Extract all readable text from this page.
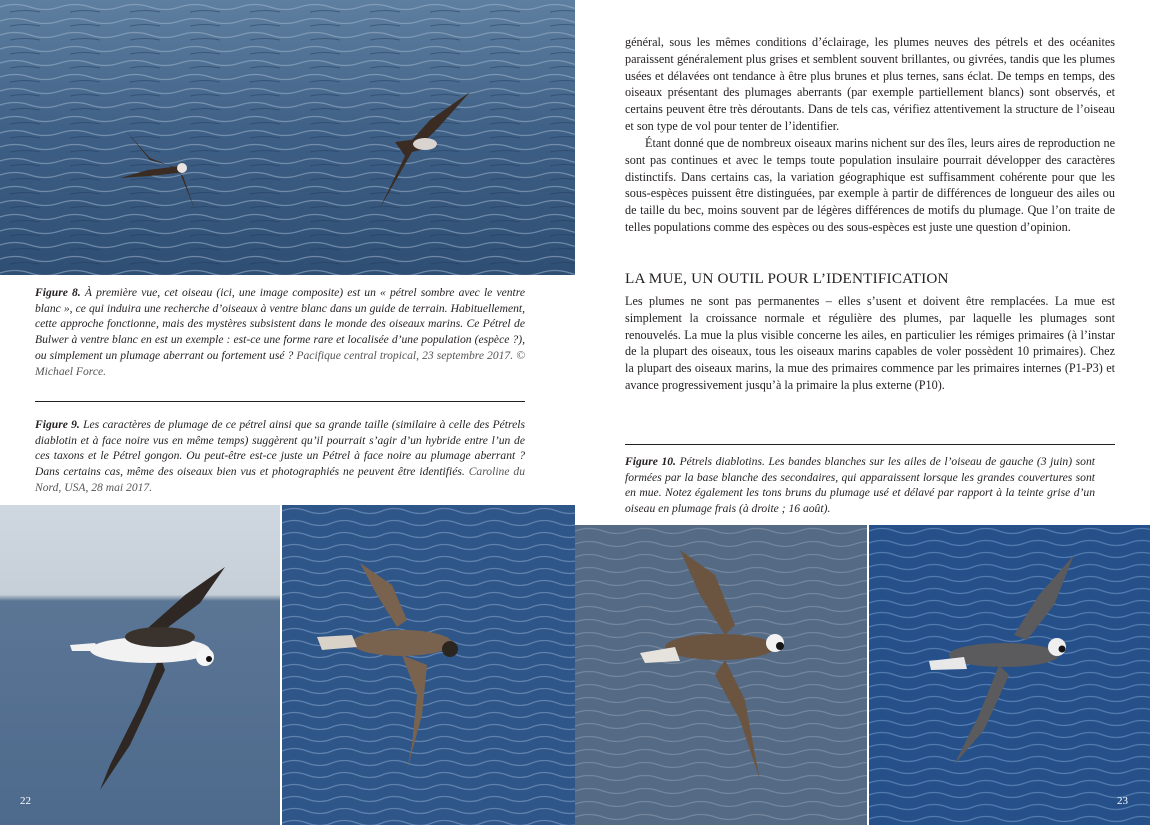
Figure 8. À première vue, cet oiseau (ici, une image composite) est un « pétrel sombre avec le ventre blanc », ce qui induira une recherche d’oiseaux à ventre blanc dans un guide de terrain. Habituellement, cette approche fonctionne, mais des mystères subsistent dans le monde des oiseaux marins. Ce Pétrel de Bulwer à ventre blanc en est un exemple : est-ce une forme rare et localisée d’une population (espèce ?), ou simplement un plumage aberrant ou fortement usé ? Pacifique central tropical, 23 septembre 2017. © Michael Force.

Figure 9. Les caractères de plumage de ce pétrel ainsi que sa grande taille (similaire à celle des Pétrels diablotin et à face noire vus en même temps) suggèrent qu’il pourrait s’agir d’un hybride entre l’un de ces taxons et le Pétrel gongon. Ou peut-être est-ce juste un Pétrel à face noire au plumage aberrant ? Dans certains cas, même des oiseaux bien vus et photographiés ne peuvent être identifiés. Caroline du Nord, USA, 28 mai 2017.

22

général, sous les mêmes conditions d’éclairage, les plumes neuves des pétrels et des océanites paraissent généralement plus grises et semblent souvent brillantes, ou givrées, tandis que les plumes usées et délavées ont tendance à être plus brunes et plus ternes, sans éclat. De temps en temps, des oiseaux présentant des plumages aberrants (par exemple partiellement blancs) sont observés, et certains peuvent être très déroutants. Dans de tels cas, vérifiez attentivement la structure de l’oiseau et son type de vol pour tenter de l’identifier.

Étant donné que de nombreux oiseaux marins nichent sur des îles, leurs aires de reproduction ne sont pas continues et avec le temps toute population insulaire pourrait développer des caractères distinctifs. Dans certains cas, la variation géographique est suffisamment cohérente pour que les sous-espèces puissent être distinguées, par exemple à partir de différences de longueur des ailes ou de taille du bec, moins souvent par de légères différences de motifs du plumage. Que l’on traite de telles populations comme des espèces ou des sous-espèces est juste une question d’opinion.

LA MUE, UN OUTIL POUR L’IDENTIFICATION

Les plumes ne sont pas permanentes – elles s’usent et doivent être remplacées. La mue est simplement la croissance normale et régulière des plumes, par laquelle les plumages sont renouvelés. La mue la plus visible concerne les ailes, en particulier les rémiges primaires (à l’instar de la plupart des oiseaux, tous les oiseaux marins capables de voler possèdent 10 primaires). Chez la plupart des oiseaux marins, la mue des primaires commence par les primaires internes (P1-P3) et avance progressivement jusqu’à la primaire la plus externe (P10).

Figure 10. Pétrels diablotins. Les bandes blanches sur les ailes de l’oiseau de gauche (3 juin) sont formées par la base blanche des secondaires, qui apparaissent lorsque les grandes couvertures sont en mue. Notez également les tons bruns du plumage usé et délavé par rapport à la teinte grise d’un oiseau en plumage frais (à droite ; 16 août).

23
